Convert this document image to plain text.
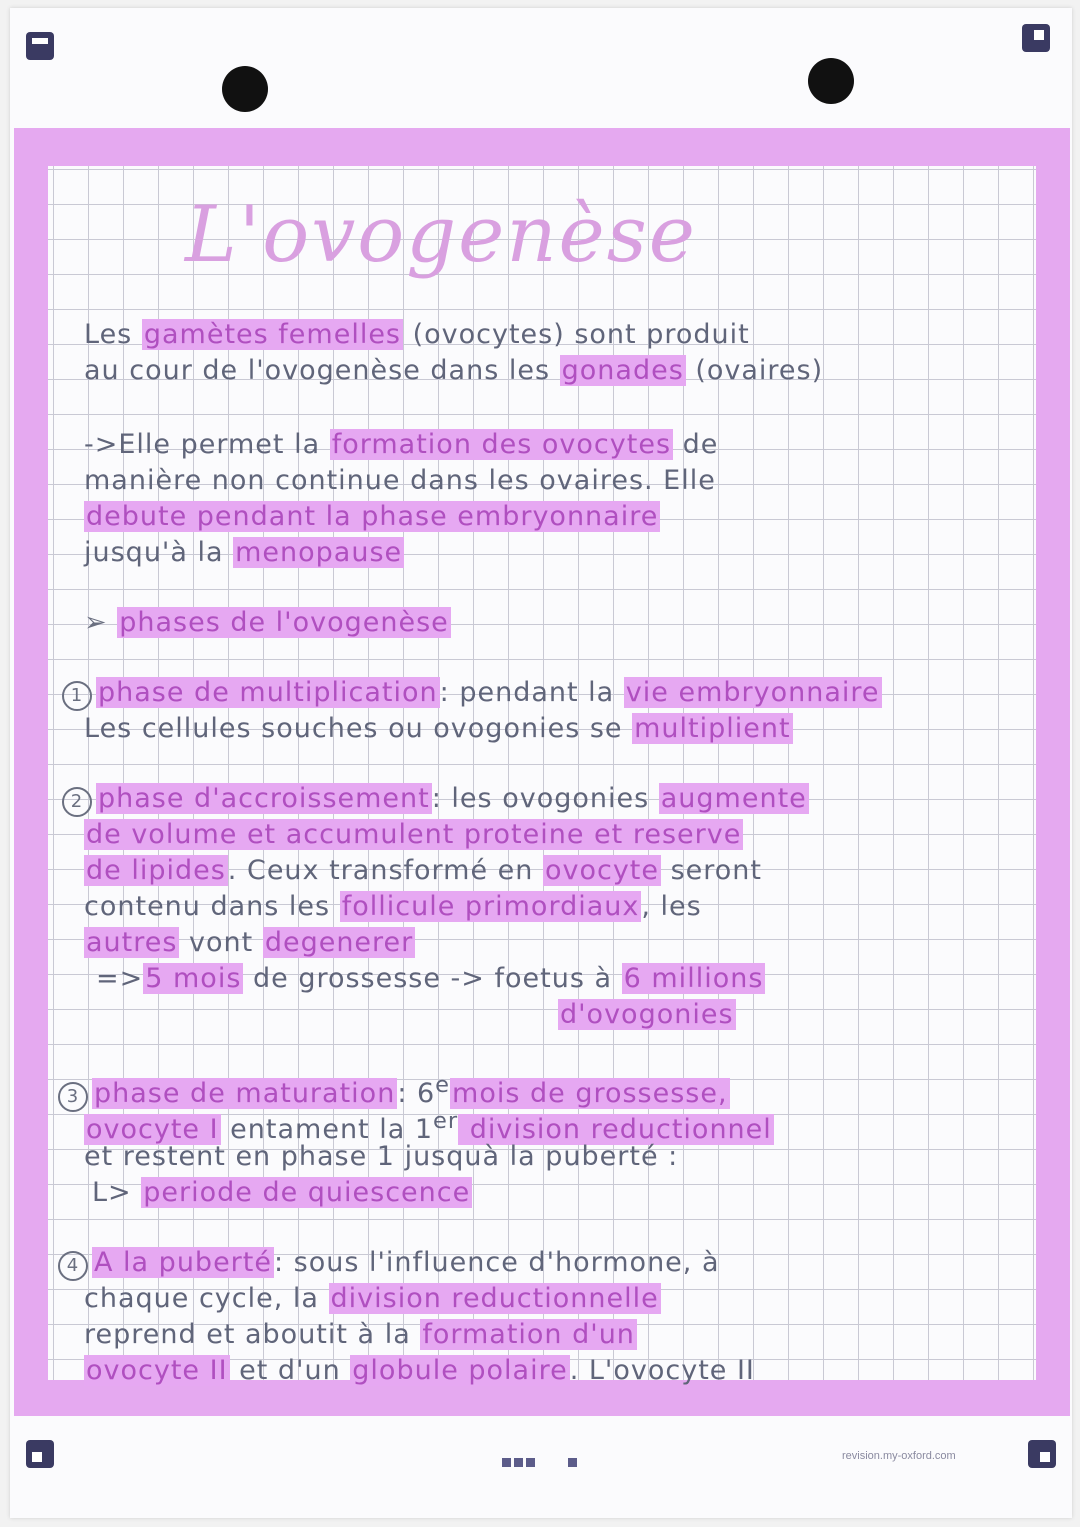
L'ovogenèse
Les gamètes femelles (ovocytes) sont produit
au cour de l'ovogenèse dans les gonades (ovaires)
->Elle permet la formation des ovocytes de
manière non continue dans les ovaires. Elle
debute pendant la phase embryonnaire
jusqu'à la menopause
➢ phases de l'ovogenèse
1 phase de multiplication: pendant la vie embryonnaire
Les cellules souches ou ovogonies se multiplient
2 phase d'accroissement: les ovogonies augmente
de volume et accumulent proteine et reserve
de lipides. Ceux transformé en ovocyte seront
contenu dans les follicule primordiaux, les
autres vont degenerer
=>5 mois de grossesse -> foetus à 6 millions
d'ovogonies
3 phase de maturation: 6emois de grossesse,
ovocyte I entament la 1er division reductionnel
et restent en phase 1 jusquà la puberté :
L> periode de quiescence
4 A la puberté: sous l'influence d'hormone, à
chaque cycle, la division reductionnelle
reprend et aboutit à la formation d'un
ovocyte II et d'un globule polaire. L'ovocyte II
revision.my-oxford.com
